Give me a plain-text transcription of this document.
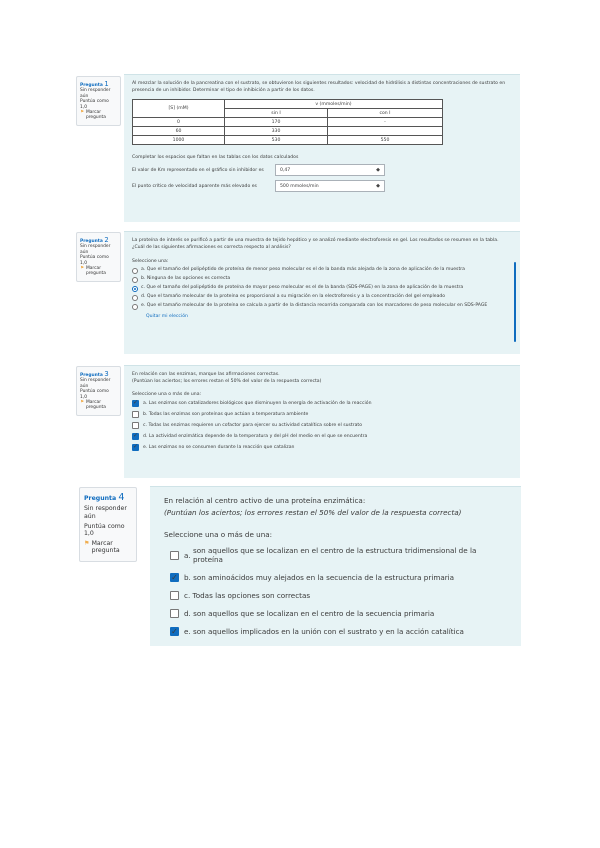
Pregunta 1
Sin responder aún
Puntúa como 1,0
⚑ Marcar pregunta

Al mezclar la solución de la pancreatina con el sustrato, se obtuvieron los siguientes resultados: velocidad de hidrólisis a distintas concentraciones de sustrato en presencia de un inhibidor. Determinar el tipo de inhibición a partir de los datos.

[S] (mM)	v (mmoles/min)	
	sin I	con I
0	170	-
60	330	
1000	530	550

Completar los espacios que faltan en las tablas con los datos calculados

El valor de Km representado en el gráfico sin inhibidor es	0,47	◆
El punto crítico de velocidad aparente más elevado es	500 mmoles/min	◆
Pregunta 2
Sin responder aún
Puntúa como 1,0
⚑ Marcar pregunta

La proteína de interés se purificó a partir de una muestra de tejido hepático y se analizó mediante electroforesis en gel. Los resultados se resumen en la tabla. ¿Cuál de las siguientes afirmaciones es correcta respecto al análisis?

Seleccione una:

a.
Que el tamaño del polipéptido de proteína de menor peso molecular es el de la banda más alejada de la zona de aplicación de la muestra
b.
Ninguna de las opciones es correcta
c.
Que el tamaño del polipéptido de proteína de mayor peso molecular es el de la banda (SDS-PAGE) en la zona de aplicación de la muestra
d.
Que el tamaño molecular de la proteína es proporcional a su migración en la electroforesis y a la concentración del gel empleado
e.
Que el tamaño molecular de la proteína se calcula a partir de la distancia recorrida comparada con los marcadores de peso molecular en SDS-PAGE
Quitar mi elección
Pregunta 3
Sin responder aún
Puntúa como 1,0
⚑ Marcar pregunta

En relación con las enzimas, marque las afirmaciones correctas.

(Puntúan los aciertos; los errores restan el 50% del valor de la respuesta correcta)

Seleccione una o más de una:

✓ a.
Las enzimas son catalizadores biológicos que disminuyen la energía de activación de la reacción
b.
Todas las enzimas son proteínas que actúan a temperatura ambiente
c.
Todas las enzimas requieren un cofactor para ejercer su actividad catalítica sobre el sustrato
✓ d.
La actividad enzimática depende de la temperatura y del pH del medio en el que se encuentra
✓ e.
Las enzimas no se consumen durante la reacción que catalizan
Pregunta 4
Sin responder aún
Puntúa como 1,0
⚑ Marcar pregunta

En relación al centro activo de una proteína enzimática:

(Puntúan los aciertos; los errores restan el 50% del valor de la respuesta correcta)

Seleccione una o más de una:

a.
son aquellos que se localizan en el centro de la estructura tridimensional de la proteína
✓ b.
son aminoácidos muy alejados en la secuencia de la estructura primaria
c.
Todas las opciones son correctas
d.
son aquellos que se localizan en el centro de la secuencia primaria
✓ e.
son aquellos implicados en la unión con el sustrato y en la acción catalítica
